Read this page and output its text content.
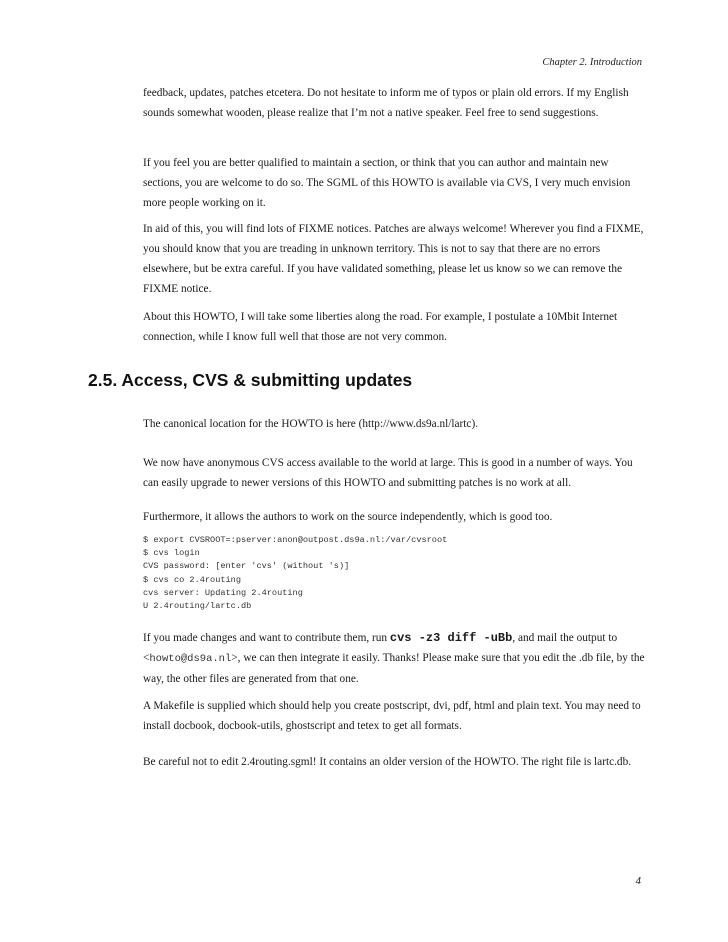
Chapter 2. Introduction

feedback, updates, patches etcetera. Do not hesitate to inform me of typos or plain old errors. If my English sounds somewhat wooden, please realize that I’m not a native speaker. Feel free to send suggestions.

If you feel you are better qualified to maintain a section, or think that you can author and maintain new sections, you are welcome to do so. The SGML of this HOWTO is available via CVS, I very much envision more people working on it.

In aid of this, you will find lots of FIXME notices. Patches are always welcome! Wherever you find a FIXME, you should know that you are treading in unknown territory. This is not to say that there are no errors elsewhere, but be extra careful. If you have validated something, please let us know so we can remove the FIXME notice.

About this HOWTO, I will take some liberties along the road. For example, I postulate a 10Mbit Internet connection, while I know full well that those are not very common.

2.5. Access, CVS & submitting updates

The canonical location for the HOWTO is here (http://www.ds9a.nl/lartc).

We now have anonymous CVS access available to the world at large. This is good in a number of ways. You can easily upgrade to newer versions of this HOWTO and submitting patches is no work at all.

Furthermore, it allows the authors to work on the source independently, which is good too.

$ export CVSROOT=:pserver:anon@outpost.ds9a.nl:/var/cvsroot
$ cvs login
CVS password: [enter 'cvs' (without 's)]
$ cvs co 2.4routing
cvs server: Updating 2.4routing
U 2.4routing/lartc.db

If you made changes and want to contribute them, run cvs -z3 diff -uBb, and mail the output to <howto@ds9a.nl>, we can then integrate it easily. Thanks! Please make sure that you edit the .db file, by the way, the other files are generated from that one.

A Makefile is supplied which should help you create postscript, dvi, pdf, html and plain text. You may need to install docbook, docbook-utils, ghostscript and tetex to get all formats.

Be careful not to edit 2.4routing.sgml! It contains an older version of the HOWTO. The right file is lartc.db.

4
